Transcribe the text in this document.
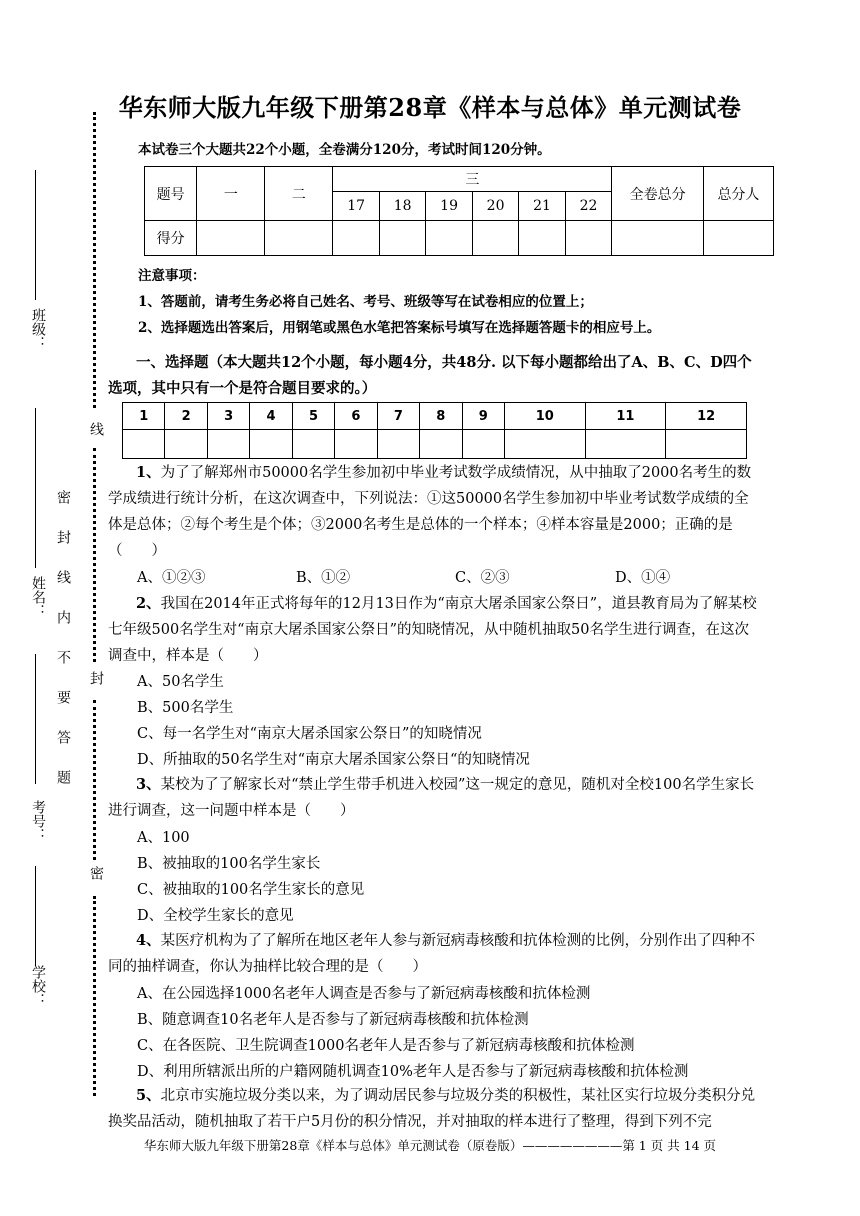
华东师大版九年级下册第28章《样本与总体》单元测试卷
本试卷三个大题共22个小题，全卷满分120分，考试时间120分钟。
题号	一	二	三						全卷总分	总分人
			17	18	19	20	21	22		
得分										
注意事项：
1、答题前，请考生务必将自己姓名、考号、班级等写在试卷相应的位置上；
2、选择题选出答案后，用钢笔或黑色水笔把答案标号填写在选择题答题卡的相应号上。
一、选择题（本大题共12个小题，每小题4分，共48分. 以下每小题都给出了A、B、C、D四个选项，其中只有一个是符合题目要求的。）
1	2	3	4	5	6	7	8	9	10	11	12

1、为了了解郑州市50000名学生参加初中毕业考试数学成绩情况，从中抽取了2000名考生的数学成绩进行统计分析，在这次调查中，下列说法：①这50000名学生参加初中毕业考试数学成绩的全体是总体；②每个考生是个体；③2000名考生是总体的一个样本；④样本容量是2000；正确的是（　　）
A、①②③	B、①②	C、②③	D、①④
2、我国在2014年正式将每年的12月13日作为“南京大屠杀国家公祭日”，道县教育局为了解某校七年级500名学生对“南京大屠杀国家公祭日”的知晓情况，从中随机抽取50名学生进行调查，在这次调查中，样本是（　　）
A、50名学生
B、500名学生
C、每一名学生对“南京大屠杀国家公祭日”的知晓情况
D、所抽取的50名学生对“南京大屠杀国家公祭日“的知晓情况
3、某校为了了解家长对“禁止学生带手机进入校园”这一规定的意见，随机对全校100名学生家长进行调查，这一问题中样本是（　　）
A、100
B、被抽取的100名学生家长
C、被抽取的100名学生家长的意见
D、全校学生家长的意见
4、某医疗机构为了了解所在地区老年人参与新冠病毒核酸和抗体检测的比例，分别作出了四种不同的抽样调查，你认为抽样比较合理的是（　　）
A、在公园选择1000名老年人调查是否参与了新冠病毒核酸和抗体检测
B、随意调查10名老年人是否参与了新冠病毒核酸和抗体检测
C、在各医院、卫生院调查1000名老年人是否参与了新冠病毒核酸和抗体检测
D、利用所辖派出所的户籍网随机调查10%老年人是否参与了新冠病毒核酸和抗体检测
5、北京市实施垃圾分类以来，为了调动居民参与垃圾分类的积极性，某社区实行垃圾分类积分兑换奖品活动，随机抽取了若干户5月份的积分情况，并对抽取的样本进行了整理，得到下列不完
线
封
密
班级：
姓名：
考号：
学校：
密　封　线　内　不　要　答　题
华东师大版九年级下册第28章《样本与总体》单元测试卷（原卷版）————————第 1 页 共 14 页
